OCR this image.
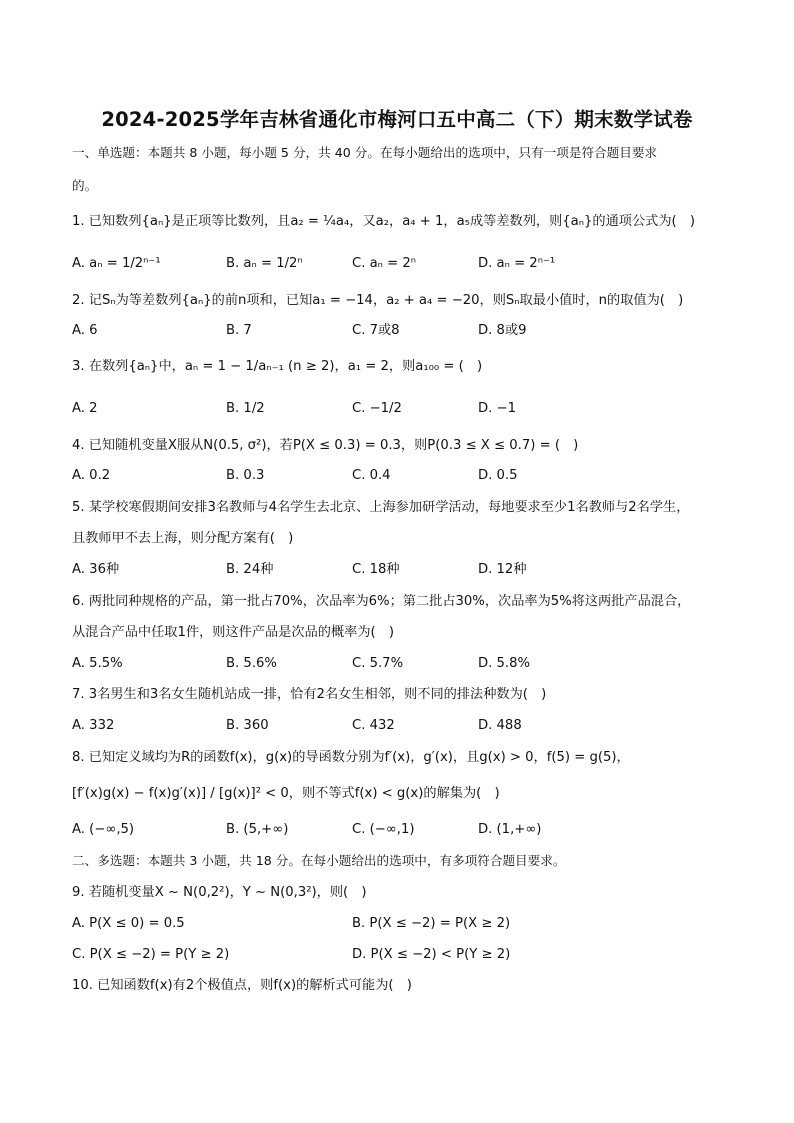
2024-2025学年吉林省通化市梅河口五中高二（下）期末数学试卷
一、单选题：本题共 8 小题，每小题 5 分，共 40 分。在每小题给出的选项中，只有一项是符合题目要求
的。
1. 已知数列{aₙ}是正项等比数列，且a₂ = ¼a₄，又a₂，a₄ + 1，a₅成等差数列，则{aₙ}的通项公式为(　)
A. aₙ = 1/2ⁿ⁻¹	B. aₙ = 1/2ⁿ	C. aₙ = 2ⁿ	D. aₙ = 2ⁿ⁻¹
2. 记Sₙ为等差数列{aₙ}的前n项和，已知a₁ = −14，a₂ + a₄ = −20，则Sₙ取最小值时，n的取值为(　)
A. 6	B. 7	C. 7或8	D. 8或9
3. 在数列{aₙ}中，aₙ = 1 − 1/aₙ₋₁ (n ≥ 2)，a₁ = 2，则a₁₀₀ = (　)
A. 2	B. 1/2	C. −1/2	D. −1
4. 已知随机变量X服从N(0.5, σ²)，若P(X ≤ 0.3) = 0.3，则P(0.3 ≤ X ≤ 0.7) = (　)
A. 0.2	B. 0.3	C. 0.4	D. 0.5
5. 某学校寒假期间安排3名教师与4名学生去北京、上海参加研学活动，每地要求至少1名教师与2名学生，
且教师甲不去上海，则分配方案有(　)
A. 36种	B. 24种	C. 18种	D. 12种
6. 两批同种规格的产品，第一批占70%，次品率为6%；第二批占30%，次品率为5%将这两批产品混合，
从混合产品中任取1件，则这件产品是次品的概率为(　)
A. 5.5%	B. 5.6%	C. 5.7%	D. 5.8%
7. 3名男生和3名女生随机站成一排，恰有2名女生相邻，则不同的排法种数为(　)
A. 332	B. 360	C. 432	D. 488
8. 已知定义域均为R的函数f(x)，g(x)的导函数分别为f′(x)，g′(x)，且g(x) > 0，f(5) = g(5)，
[f′(x)g(x) − f(x)g′(x)] / [g(x)]² < 0，则不等式f(x) < g(x)的解集为(　)
A. (−∞,5)	B. (5,+∞)	C. (−∞,1)	D. (1,+∞)
二、多选题：本题共 3 小题，共 18 分。在每小题给出的选项中，有多项符合题目要求。
9. 若随机变量X ~ N(0,2²)，Y ~ N(0,3²)，则(　)
A. P(X ≤ 0) = 0.5	B. P(X ≤ −2) = P(X ≥ 2)
C. P(X ≤ −2) = P(Y ≥ 2)	D. P(X ≤ −2) < P(Y ≥ 2)
10. 已知函数f(x)有2个极值点，则f(x)的解析式可能为(　)
